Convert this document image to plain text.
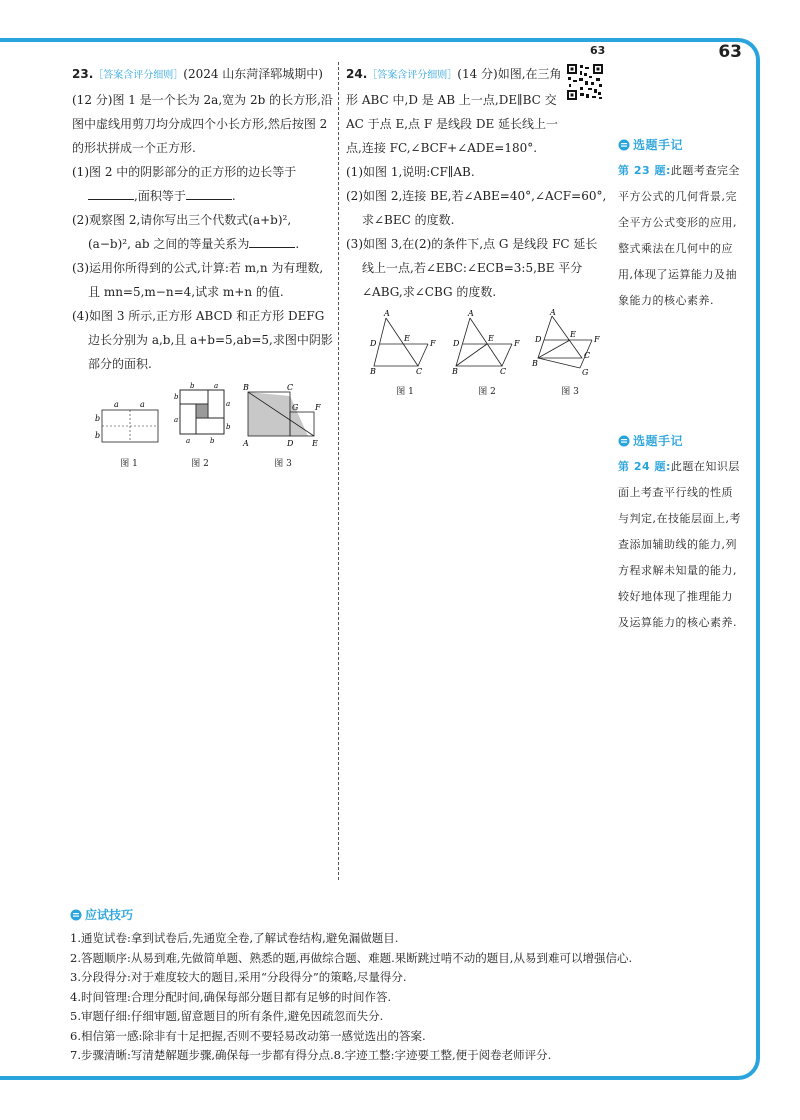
63
63

23.［答案含评分细则］(2024 山东菏泽郓城期中)(12 分)图 1 是一个长为 2a,宽为 2b 的长方形,沿图中虚线用剪刀均分成四个小长方形,然后按图 2 的形状拼成一个正方形.

(1)图 2 中的阴影部分的正方形的边长等于,面积等于	.

(2)观察图 2,请你写出三个代数式(a+b)², (a−b)², ab 之间的等量关系为	.

(3)运用你所得到的公式,计算:若 m,n 为有理数,且 mn=5,m−n=4,试求 m+n 的值.

(4)如图 3 所示,正方形 ABCD 和正方形 DEFG 边长分别为 a,b,且 a+b=5,ab=5,求图中阴影部分的面积.

a	a
b
b
图 1
b	a
b
a
a
b
a	b
图 2
B	C
G F
A	D E
图 3

24.［答案含评分细则］(14 分)如图,在三角形 ABC 中,D 是 AB 上一点,DE∥BC 交 AC 于点 E,点 F 是线段 DE 延长线上一点,连接 FC,∠BCF+∠ADE=180°.

(1)如图 1,说明:CF∥AB.

(2)如图 2,连接 BE,若∠ABE=40°,∠ACF=60°,求∠BEC 的度数.

(3)如图 3,在(2)的条件下,点 G 是线段 FC 延长线上一点,若∠EBC:∠ECB=3:5,BE 平分∠ABG,求∠CBG 的度数.

A
D
E
F
B	C
图 1
A
D
E
F
B	C
图 2
A
D
E
F
B
C
G
图 3
选题手记
第 23 题:此题考查完全平方公式的几何背景,完全平方公式变形的应用,整式乘法在几何中的应用,体现了运算能力及抽象能力的核心素养.
选题手记
第 24 题:此题在知识层面上考查平行线的性质与判定,在技能层面上,考查添加辅助线的能力,列方程求解未知量的能力,较好地体现了推理能力及运算能力的核心素养.
应试技巧
1.通览试卷:拿到试卷后,先通览全卷,了解试卷结构,避免漏做题目.
2.答题顺序:从易到难,先做简单题、熟悉的题,再做综合题、难题.果断跳过啃不动的题目,从易到难可以增强信心.
3.分段得分:对于难度较大的题目,采用“分段得分”的策略,尽量得分.
4.时间管理:合理分配时间,确保每部分题目都有足够的时间作答.
5.审题仔细:仔细审题,留意题目的所有条件,避免因疏忽而失分.
6.相信第一感:除非有十足把握,否则不要轻易改动第一感觉选出的答案.
7.步骤清晰:写清楚解题步骤,确保每一步都有得分点.8.字迹工整:字迹要工整,便于阅卷老师评分.
